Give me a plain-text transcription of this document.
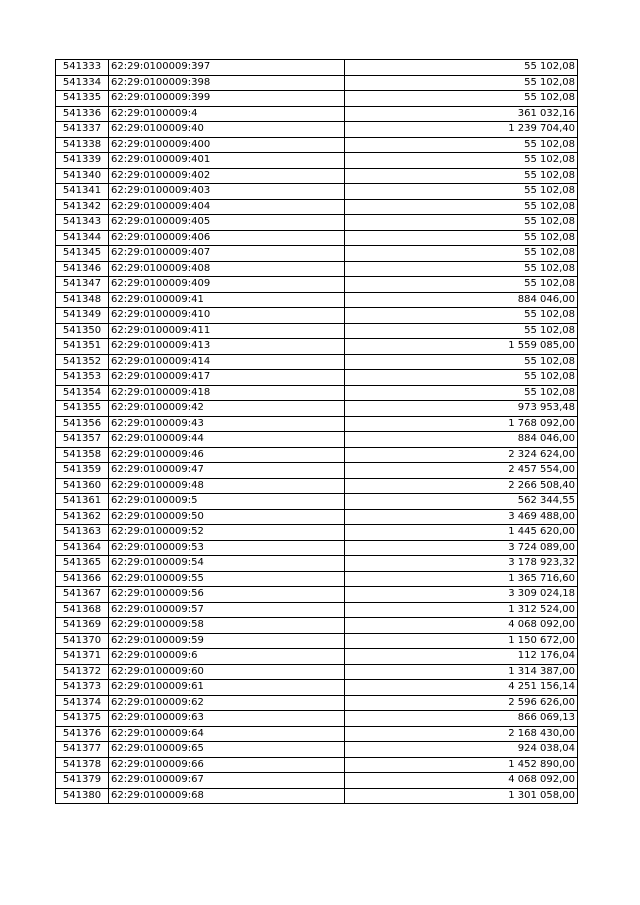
541333	62:29:0100009:397	55 102,08
541334	62:29:0100009:398	55 102,08
541335	62:29:0100009:399	55 102,08
541336	62:29:0100009:4	361 032,16
541337	62:29:0100009:40	1 239 704,40
541338	62:29:0100009:400	55 102,08
541339	62:29:0100009:401	55 102,08
541340	62:29:0100009:402	55 102,08
541341	62:29:0100009:403	55 102,08
541342	62:29:0100009:404	55 102,08
541343	62:29:0100009:405	55 102,08
541344	62:29:0100009:406	55 102,08
541345	62:29:0100009:407	55 102,08
541346	62:29:0100009:408	55 102,08
541347	62:29:0100009:409	55 102,08
541348	62:29:0100009:41	884 046,00
541349	62:29:0100009:410	55 102,08
541350	62:29:0100009:411	55 102,08
541351	62:29:0100009:413	1 559 085,00
541352	62:29:0100009:414	55 102,08
541353	62:29:0100009:417	55 102,08
541354	62:29:0100009:418	55 102,08
541355	62:29:0100009:42	973 953,48
541356	62:29:0100009:43	1 768 092,00
541357	62:29:0100009:44	884 046,00
541358	62:29:0100009:46	2 324 624,00
541359	62:29:0100009:47	2 457 554,00
541360	62:29:0100009:48	2 266 508,40
541361	62:29:0100009:5	562 344,55
541362	62:29:0100009:50	3 469 488,00
541363	62:29:0100009:52	1 445 620,00
541364	62:29:0100009:53	3 724 089,00
541365	62:29:0100009:54	3 178 923,32
541366	62:29:0100009:55	1 365 716,60
541367	62:29:0100009:56	3 309 024,18
541368	62:29:0100009:57	1 312 524,00
541369	62:29:0100009:58	4 068 092,00
541370	62:29:0100009:59	1 150 672,00
541371	62:29:0100009:6	112 176,04
541372	62:29:0100009:60	1 314 387,00
541373	62:29:0100009:61	4 251 156,14
541374	62:29:0100009:62	2 596 626,00
541375	62:29:0100009:63	866 069,13
541376	62:29:0100009:64	2 168 430,00
541377	62:29:0100009:65	924 038,04
541378	62:29:0100009:66	1 452 890,00
541379	62:29:0100009:67	4 068 092,00
541380	62:29:0100009:68	1 301 058,00
